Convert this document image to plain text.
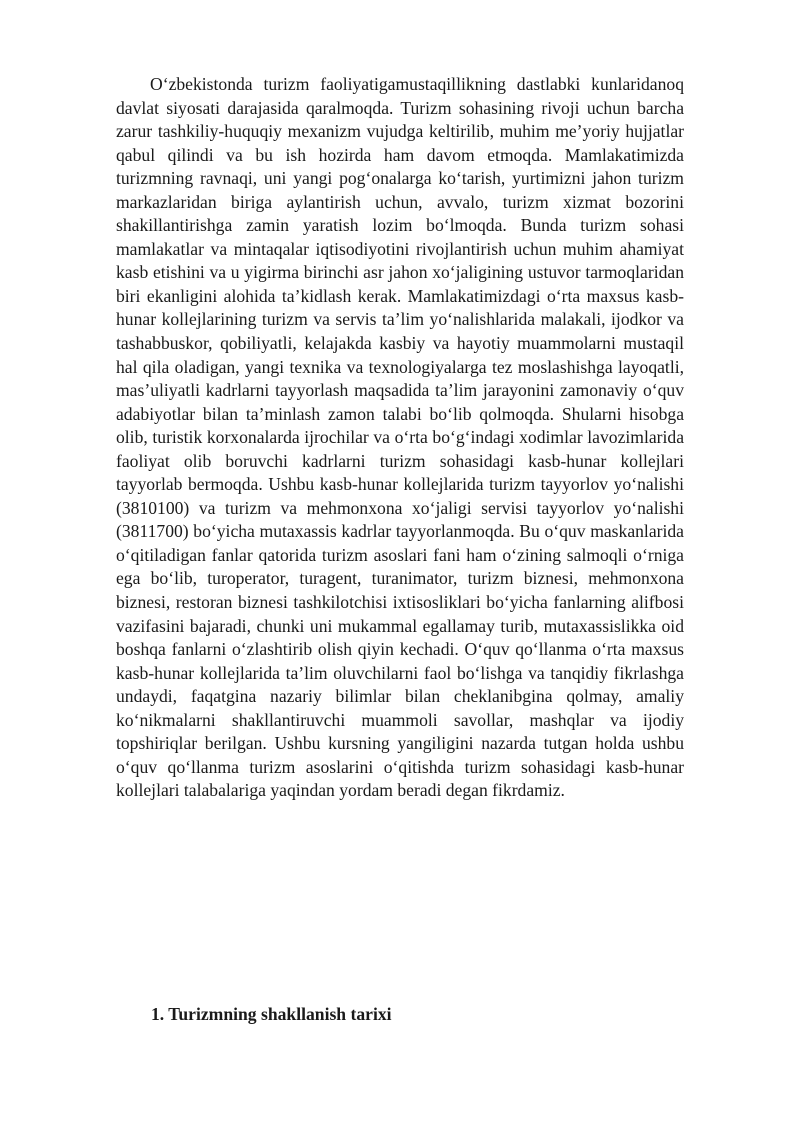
O‘zbekistonda turizm faoliyatigamustaqillikning dastlabki kunlaridanoq davlat siyosati darajasida qaralmoqda. Turizm sohasining rivoji uchun barcha zarur tashkiliy-huquqiy mexanizm vujudga keltirilib, muhim me’yoriy hujjatlar qabul qilindi va bu ish hozirda ham davom etmoqda. Mamlakatimizda turizmning ravnaqi, uni yangi pog‘onalarga ko‘tarish, yurtimizni jahon turizm markazlaridan biriga aylantirish uchun, avvalo, turizm xizmat bozorini shakillantirishga zamin yaratish lozim bo‘lmoqda. Bunda turizm sohasi mamlakatlar va mintaqalar iqtisodiyotini rivojlantirish uchun muhim ahamiyat kasb etishini va u yigirma birinchi asr jahon xo‘jaligining ustuvor tarmoqlaridan biri ekanligini alohida ta’kidlash kerak. Mamlakatimizdagi o‘rta maxsus kasb-hunar kollejlarining turizm va servis ta’lim yo‘nalishlarida malakali, ijodkor va tashabbuskor, qobiliyatli, kelajakda kasbiy va hayotiy muammolarni mustaqil hal qila oladigan, yangi texnika va texnologiyalarga tez moslashishga layoqatli, mas’uliyatli kadrlarni tayyorlash maqsadida ta’lim jarayonini zamonaviy o‘quv adabiyotlar bilan ta’minlash zamon talabi bo‘lib qolmoqda. Shularni hisobga olib, turistik korxonalarda ijrochilar va o‘rta bo‘g‘indagi xodimlar lavozimlarida faoliyat olib boruvchi kadrlarni turizm sohasidagi kasb-hunar kollejlari tayyorlab bermoqda. Ushbu kasb-hunar kollejlarida turizm tayyorlov yo‘nalishi (3810100) va turizm va mehmonxona xo‘jaligi servisi tayyorlov yo‘nalishi (3811700) bo‘yicha mutaxassis kadrlar tayyorlanmoqda. Bu o‘quv maskanlarida o‘qitiladigan fanlar qatorida turizm asoslari fani ham o‘zining salmoqli o‘rniga ega bo‘lib, turoperator, turagent, turanimator, turizm biznesi, mehmonxona biznesi, restoran biznesi tashkilotchisi ixtisosliklari bo‘yicha fanlarning alifbosi vazifasini bajaradi, chunki uni mukammal egallamay turib, mutaxassislikka oid boshqa fanlarni o‘zlashtirib olish qiyin kechadi. O‘quv qo‘llanma o‘rta maxsus kasb-hunar kollejlarida ta’lim oluvchilarni faol bo‘lishga va tanqidiy fikrlashga undaydi, faqatgina nazariy bilimlar bilan cheklanibgina qolmay, amaliy ko‘nikmalarni shakllantiruvchi muammoli savollar, mashqlar va ijodiy topshiriqlar berilgan. Ushbu kursning yangiligini nazarda tutgan holda ushbu o‘quv qo‘llanma turizm asoslarini o‘qitishda turizm sohasidagi kasb-hunar kollejlari talabalariga yaqindan yordam beradi degan fikrdamiz.

1. Turizmning shakllanish tarixi
